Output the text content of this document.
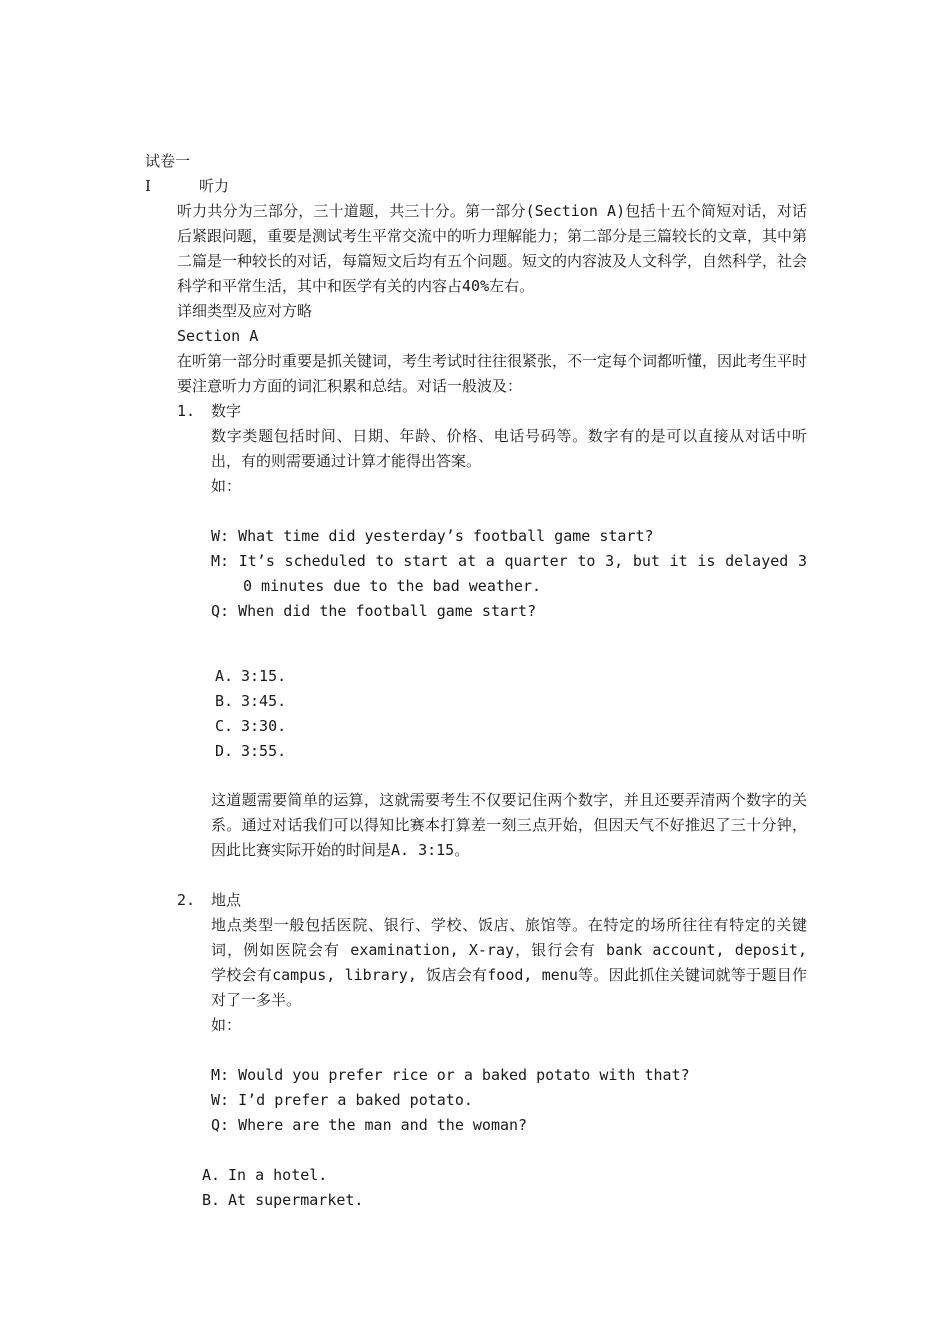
试卷一
I	听力
听力共分为三部分，三十道题，共三十分。第一部分(Section A)包括十五个简短对话，对话后紧跟问题，重要是测试考生平常交流中的听力理解能力；第二部分是三篇较长的文章，其中第二篇是一种较长的对话，每篇短文后均有五个问题。短文的内容波及人文科学，自然科学，社会科学和平常生活，其中和医学有关的内容占40%左右。
详细类型及应对方略
Section A
在听第一部分时重要是抓关键词，考生考试时往往很紧张，不一定每个词都听懂，因此考生平时要注意听力方面的词汇积累和总结。对话一般波及：
1. 数字
数字类题包括时间、日期、年龄、价格、电话号码等。数字有的是可以直接从对话中听出，有的则需要通过计算才能得出答案。
如：
W: What time did yesterday’s football game start?
M: It’s scheduled to start at a quarter to 3, but it is delayed 30 minutes due to the bad weather.
Q: When did the football game start?
A. 3:15.
B. 3:45.
C. 3:30.
D. 3:55.
这道题需要简单的运算，这就需要考生不仅要记住两个数字，并且还要弄清两个数字的关系。通过对话我们可以得知比赛本打算差一刻三点开始，但因天气不好推迟了三十分钟，因此比赛实际开始的时间是A. 3:15。
2. 地点
地点类型一般包括医院、银行、学校、饭店、旅馆等。在特定的场所往往有特定的关键词，例如医院会有 examination, X-ray，银行会有 bank account, deposit, 学校会有campus, library, 饭店会有food, menu等。因此抓住关键词就等于题目作对了一多半。
如：
M: Would you prefer rice or a baked potato with that?
W: I’d prefer a baked potato.
Q: Where are the man and the woman?
A. In a hotel.
B. At supermarket.
